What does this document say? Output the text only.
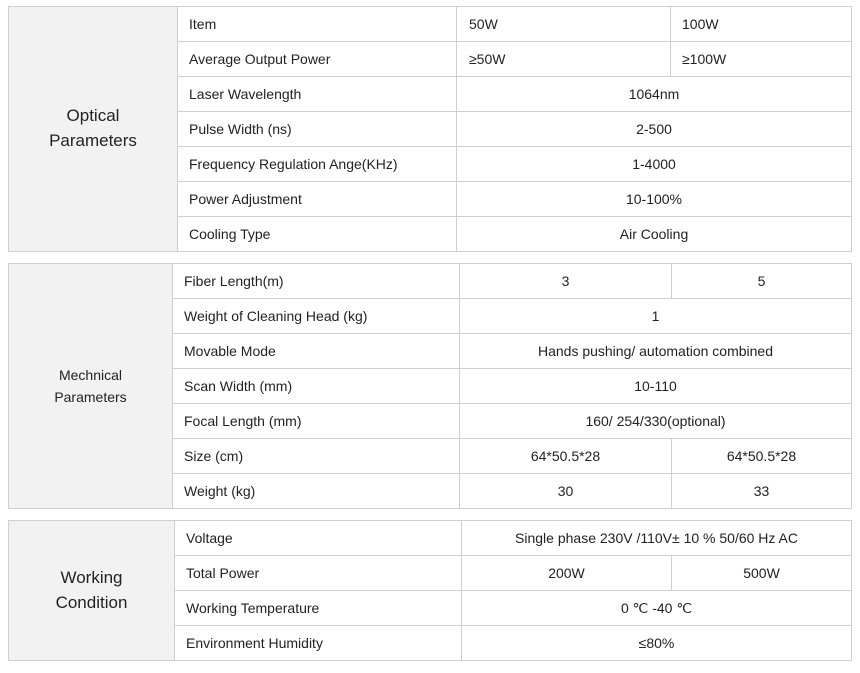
Optical
Parameters	Item	50W	100W
	Average Output Power	≥50W	≥100W
	Laser Wavelength	1064nm	
	Pulse Width (ns)	2-500	
	Frequency Regulation Ange(KHz)	1-4000	
	Power Adjustment	10-100%	
	Cooling Type	Air Cooling	
Mechnical
Parameters	Fiber Length(m)	3	5
	Weight of Cleaning Head (kg)	1	
	Movable Mode	Hands pushing/ automation combined	
	Scan Width (mm)	10-110	
	Focal Length (mm)	160/ 254/330(optional)	
	Size (cm)	64*50.5*28	64*50.5*28
	Weight (kg)	30	33
Working
Condition	Voltage	Single phase 230V /110V± 10 % 50/60 Hz AC	
	Total Power	200W	500W
	Working Temperature	0 ℃ -40 ℃	
	Environment Humidity	≤80%	
